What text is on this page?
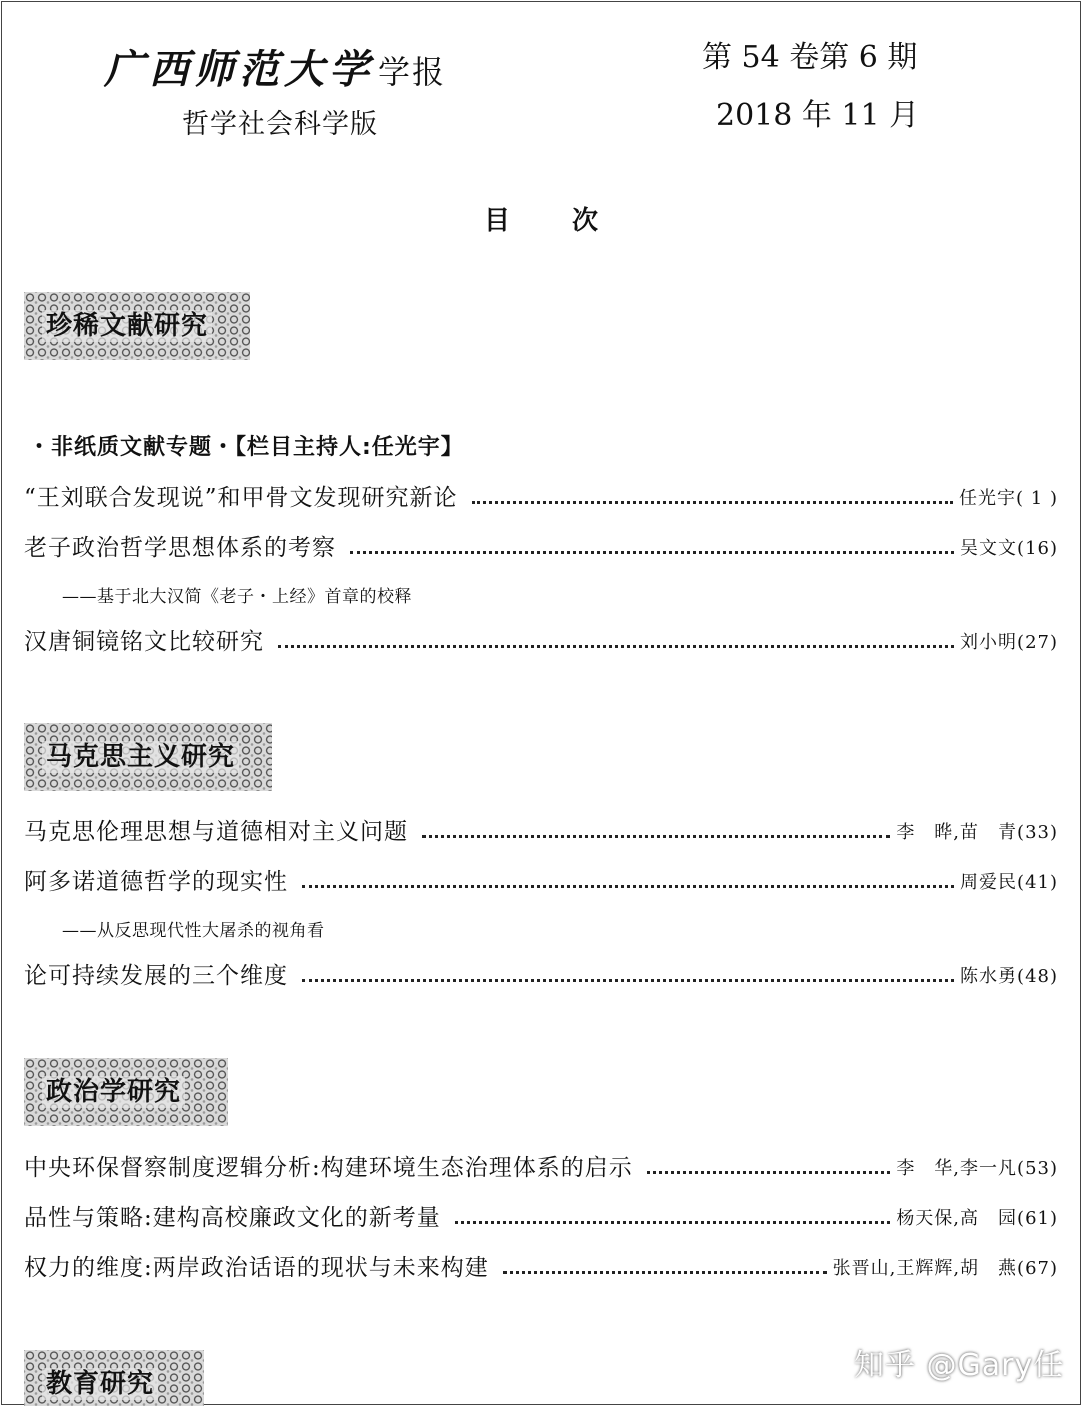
广西师范大学 学报
哲学社会科学版
第 54 卷第 6 期
2018 年 11 月
目 次
珍稀文献研究
・非纸质文献专题・【栏目主持人:任光宇】
“王刘联合发现说”和甲骨文发现研究新论	任光宇( 1 )
老子政治哲学思想体系的考察	吴文文(16)
——基于北大汉简《老子・上经》首章的校释
汉唐铜镜铭文比较研究	刘小明(27)
马克思主义研究
马克思伦理思想与道德相对主义问题	李　晔,苗　青(33)
阿多诺道德哲学的现实性	周爱民(41)
——从反思现代性大屠杀的视角看
论可持续发展的三个维度	陈水勇(48)
政治学研究
中央环保督察制度逻辑分析:构建环境生态治理体系的启示	李　华,李一凡(53)
品性与策略:建构高校廉政文化的新考量	杨天保,高　园(61)
权力的维度:两岸政治话语的现状与未来构建	张晋山,王辉辉,胡　燕(67)
教育研究
知乎 @Gary任
